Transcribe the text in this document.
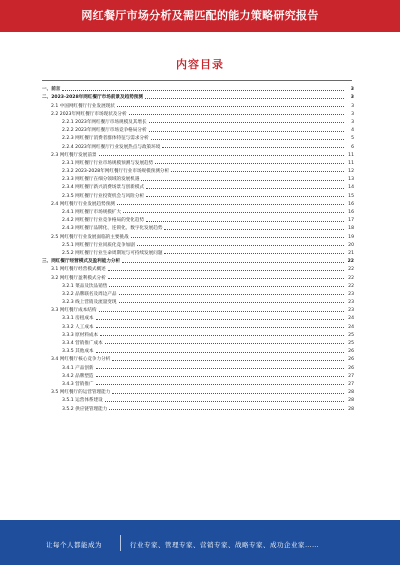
网红餐厅市场分析及需匹配的能力策略研究报告
内容目录
一、前言	3
二、2023-2028年网红餐厅市场前景及趋势预测	3
2.1 中国网红餐厅行业发展现状	3
2.2 2023年网红餐厅市场现状及分析	3
2.2.1 2023年网红餐厅市场规模及其增长	3
2.2.2 2023年网红餐厅市场竞争格局分析	4
2.2.3 网红餐厅消费者群体特征与需求分析	5
2.2.4 2023年网红餐厅行业发展热点与政策环境	6
2.3 网红餐厅发展前景	11
2.3.1 网红餐厅行业市场规模预测与发展趋势	11
2.3.2 2023-2028年网红餐厅行业市场规模预测分析	12
2.3.3 网红餐厅在细分领域的发展机遇	13
2.3.4 网红餐厅新兴消费场景与创新模式	14
2.3.5 网红餐厅行业投资机会与风险分析	15
2.4 网红餐厅行业发展趋势预测	16
2.4.1 网红餐厅市场规模扩大	16
2.4.2 网红餐厅行业竞争格局的变化趋势	17
2.4.3 网红餐厅品牌化、连锁化、数字化发展趋势	18
2.5 网红餐厅行业发展面临的主要挑战	19
2.5.1 网红餐厅行业同质化竞争加剧	20
2.5.2 网红餐厅行业生命周期短与可持续发展问题	21
三、网红餐厅经营模式及盈利能力分析	22
3.1 网红餐厅经营模式概述	22
3.2 网红餐厅盈利模式分析	22
3.2.1 菜品及饮品销售	22
3.2.2 品牌联名及周边产品	23
3.2.3 线上营销及流量变现	23
3.3 网红餐厅成本结构	23
3.3.1 房租成本	24
3.3.2 人工成本	24
3.3.3 原材料成本	25
3.3.4 营销推广成本	25
3.3.5 其他成本	26
3.4 网红餐厅核心竞争力分析	26
3.4.1 产品创新	26
3.4.2 品牌塑造	27
3.4.3 营销推广	27
3.5 网红餐厅的运营管理能力	28
3.5.1 运营体系建设	28
3.5.2 供应链管理能力	28
让每个人都能成为	行业专家、管理专家、营销专家、战略专家、成功企业家……
